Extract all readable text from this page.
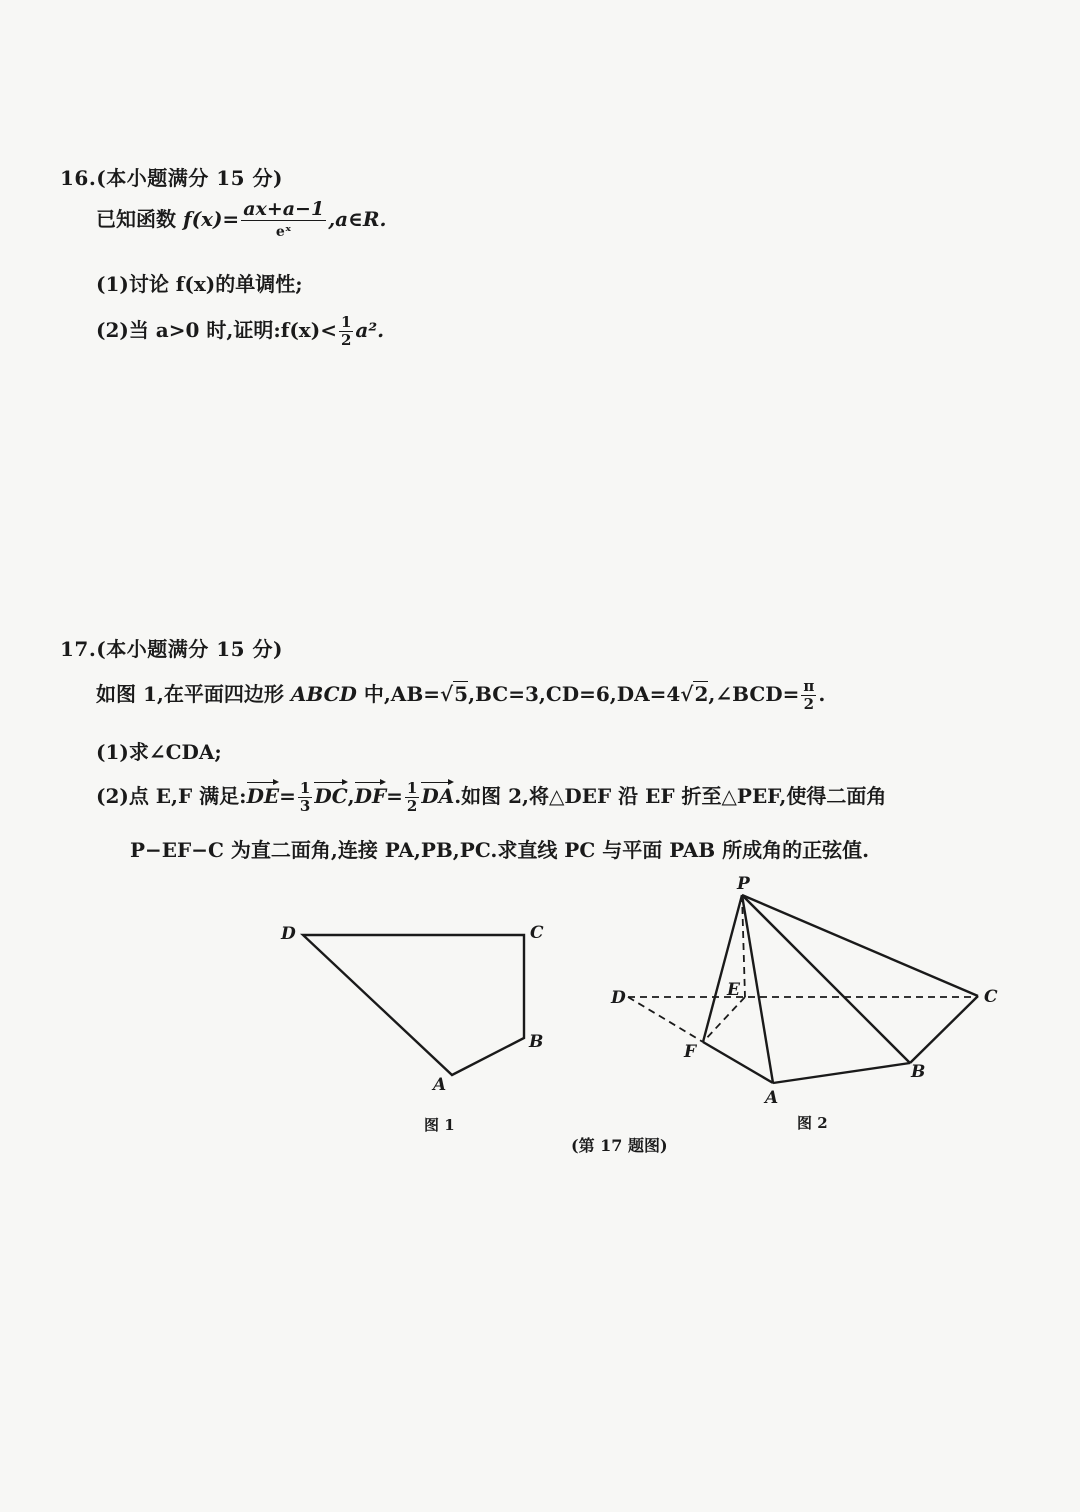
16.(本小题满分 15 分)
已知函数 $f(x)= \frac{ax+a-1}{\text{eˣ}}$ ,a∈R.
(1)讨论 f(x)的单调性;
(2)当 a>0 时,证明:f(x)< $\frac{1}{2} a^2$.
17.(本小题满分 15 分)
如图 1,在平面四边形 ABCD 中,AB=√5,BC=3,CD=6,DA=4√2,∠BCD= $\frac{\pi}{2}$ .
(1)求∠CDA;
(2)点 E,F 满足:DE= $\frac{1}{3} DC,DF= \frac{1}{2}$ DA.如图 2,将△DEF 沿 EF 折至△PEF,使得二面角
P−EF−C 为直二面角,连接 PA,PB,PC.求直线 PC 与平面 PAB 所成角的正弦值.
D	C
B
A
图 1
P
D	E	C
F
B
A
图 2
(第 17 题图)
